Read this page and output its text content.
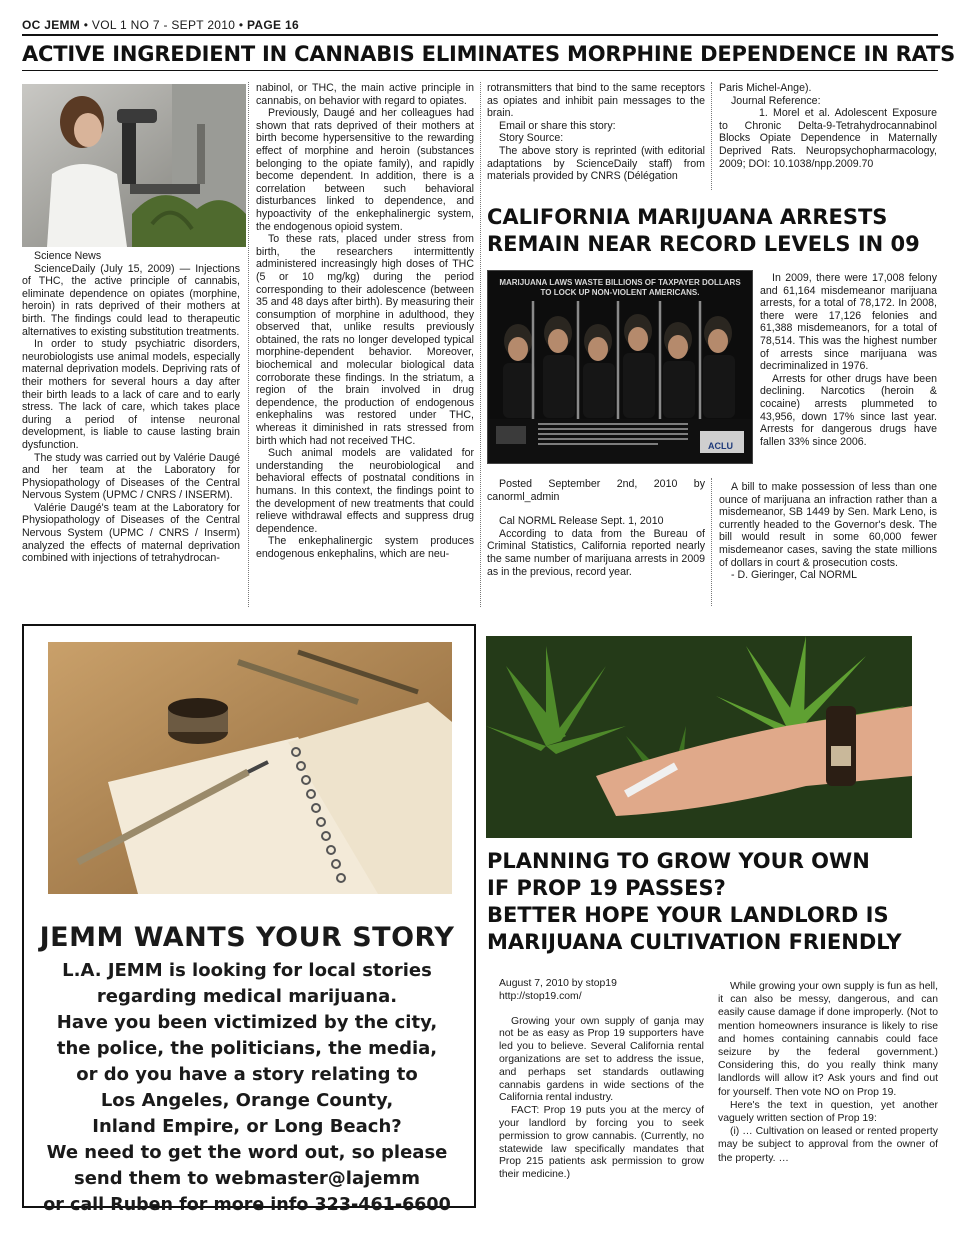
OC JEMM • VOL 1 NO 7 - SEPT 2010 • PAGE 16
ACTIVE INGREDIENT IN CANNABIS ELIMINATES MORPHINE DEPENDENCE IN RATS

Science News

ScienceDaily (July 15, 2009) — Injections of THC, the active principle of cannabis, eliminate dependence on opiates (morphine, heroin) in rats deprived of their mothers at birth. The findings could lead to therapeutic alternatives to existing substitution treatments.

In order to study psychiatric disorders, neurobiologists use animal models, especially maternal deprivation models. Depriving rats of their mothers for several hours a day after their birth leads to a lack of care and to early stress. The lack of care, which takes place during a period of intense neuronal development, is liable to cause lasting brain dysfunction.

The study was carried out by Valérie Daugé and her team at the Laboratory for Physiopathology of Diseases of the Central Nervous System (UPMC / CNRS / INSERM).

Valérie Daugé's team at the Laboratory for Physiopathology of Diseases of the Central Nervous System (UPMC / CNRS / Inserm) analyzed the effects of maternal deprivation combined with injections of tetrahydrocan-

nabinol, or THC, the main active principle in cannabis, on behavior with regard to opiates.

Previously, Daugé and her colleagues had shown that rats deprived of their mothers at birth become hypersensitive to the rewarding effect of morphine and heroin (substances belonging to the opiate family), and rapidly become dependent. In addition, there is a correlation between such behavioral disturbances linked to dependence, and hypoactivity of the enkephalinergic system, the endogenous opioid system.

To these rats, placed under stress from birth, the researchers intermittently administered increasingly high doses of THC (5 or 10 mg/kg) during the period corresponding to their adolescence (between 35 and 48 days after birth). By measuring their consumption of morphine in adulthood, they observed that, unlike results previously obtained, the rats no longer developed typical morphine-dependent behavior. Moreover, biochemical and molecular biological data corroborate these findings. In the striatum, a region of the brain involved in drug dependence, the production of endogenous enkephalins was restored under THC, whereas it diminished in rats stressed from birth which had not received THC.

Such animal models are validated for understanding the neurobiological and behavioral effects of postnatal conditions in humans. In this context, the findings point to the development of new treatments that could relieve withdrawal effects and suppress drug dependence.

The enkephalinergic system produces endogenous enkephalins, which are neu-

rotransmitters that bind to the same receptors as opiates and inhibit pain messages to the brain.

Email or share this story:

Story Source:

The above story is reprinted (with editorial adaptations by ScienceDaily staff) from materials provided by CNRS (Délégation

Paris Michel-Ange).

Journal Reference:

1. Morel et al. Adolescent Exposure to Chronic Delta-9-Tetrahydrocannabinol Blocks Opiate Dependence in Maternally Deprived Rats. Neuropsychopharmacology, 2009; DOI: 10.1038/npp.2009.70

CALIFORNIA MARIJUANA ARRESTS
REMAIN NEAR RECORD LEVELS IN 09
MARIJUANA LAWS WASTE BILLIONS OF TAXPAYER DOLLARS
TO LOCK UP NON-VIOLENT AMERICANS.
ACLU

In 2009, there were 17,008 felony and 61,164 misdemeanor marijuana arrests, for a total of 78,172. In 2008, there were 17,126 felonies and 61,388 misdemeanors, for a total of 78,514. This was the highest number of arrests since marijuana was decriminalized in 1976.

Arrests for other drugs have been declining. Narcotics (heroin & cocaine) arrests plummeted to 43,956, down 17% since last year. Arrests for dangerous drugs have fallen 33% since 2006.

Posted September 2nd, 2010 by canorml_admin

Cal NORML Release Sept. 1, 2010

According to data from the Bureau of Criminal Statistics, California reported nearly the same number of marijuana arrests in 2009 as in the previous, record year.

A bill to make possession of less than one ounce of marijuana an infraction rather than a misdemeanor, SB 1449 by Sen. Mark Leno, is currently headed to the Governor's desk. The bill would result in some 60,000 fewer misdemeanor cases, saving the state millions of dollars in court & prosecution costs.

- D. Gieringer, Cal NORML

JEMM WANTS YOUR STORY
L.A. JEMM is looking for local stories
regarding medical marijuana.
Have you been victimized by the city,
the police, the politicians, the media,
or do you have a story relating to
Los Angeles, Orange County,
Inland Empire, or Long Beach?
We need to get the word out, so please
send them to webmaster@lajemm
or call Ruben for more info 323-461-6600
PLANNING TO GROW YOUR OWN
IF PROP 19 PASSES?
BETTER HOPE YOUR LANDLORD IS
MARIJUANA CULTIVATION FRIENDLY

August 7, 2010 by stop19

http://stop19.com/

Growing your own supply of ganja may not be as easy as Prop 19 supporters have led you to believe. Several California rental organizations are set to address the issue, and perhaps set standards outlawing cannabis gardens in wide sections of the California rental industry.

FACT: Prop 19 puts you at the mercy of your landlord by forcing you to seek permission to grow cannabis. (Currently, no statewide law specifically mandates that Prop 215 patients ask permission to grow their medicine.)

While growing your own supply is fun as hell, it can also be messy, dangerous, and can easily cause damage if done improperly. (Not to mention homeowners insurance is likely to rise and homes containing cannabis could face seizure by the federal government.) Considering this, do you really think many landlords will allow it? Ask yours and find out for yourself. Then vote NO on Prop 19.

Here's the text in question, yet another vaguely written section of Prop 19:

(i) … Cultivation on leased or rented property may be subject to approval from the owner of the property. …
